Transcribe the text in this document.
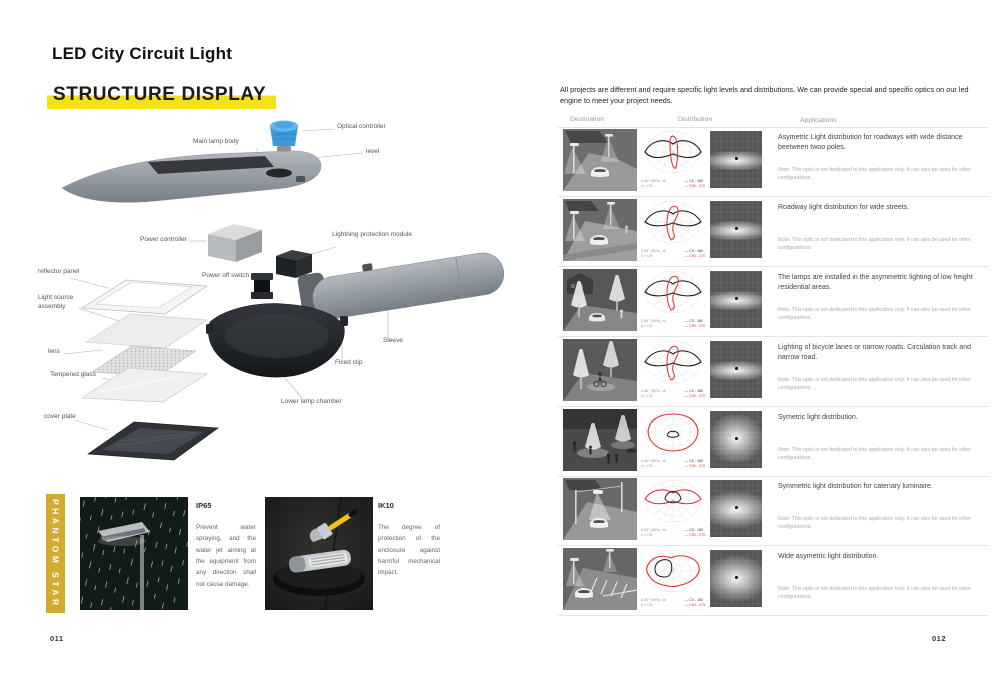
LED City Circuit Light
STRUCTURE DISPLAY
Optical controller
Main lamp body
level
Power controller
Lightning protection module
reflector panel
Power off switch
Light source assembly
lens
Tempered glass
Sleeve
Fixed clip
Lower lamp chamber
cover plate
PHANTOM STAR	IP65
Prevent water spraying, and the water jet aiming at the equipment from any direction shall not cause damage.
IK10
The degree of protection of the enclosure against harmful mechanical impact.
011
All projects are different and require specific light levels and distributions. We can provide special and specific optics on our led engine to meet your project needs.
Destination	Distribution	Applications
0-85° (85%), cd
η = CN
— C0 - 180
— C90 - 270
Asymetric Light distribution for roadways with wide distance beetween twoo poles.
Note: This optic is not dedicated to this application only. It can also be used for other configurations.
0-85° (85%), cd
η = CN
— C0 - 180
— C90 - 270
Roadway light distribution for wide streets.
Note: This optic is not dedicated to this application only. It can also be used for other configurations.
0-85° (85%), cd
η = CN
— C0 - 180
— C90 - 270
The lamps are installed in the asymmetric lighting of low height residential areas.
Note: This optic is not dedicated to this application only. It can also be used for other configurations.
0-85° (85%), cd
η = CN
— C0 - 180
— C90 - 270
Lighting of bicycle lanes or narrow roads. Circulation track and narrow road.
Note: This optic is not dedicated to this application only. It can also be used for other configurations.
0-85° (85%), cd
η = CN
— C0 - 180
— C90 - 270
Symetric light distribution.
Note: This optic is not dedicated to this application only. It can also be used for other configurations.
0-85° (85%), cd
η = CN
— C0 - 180
— C90 - 270
Symmetric light distribution for catenary luminaire.
Note: This optic is not dedicated to this application only. It can also be used for other configurations.
0-85° (85%), cd
η = CN
— C0 - 180
— C90 - 270
Wide asymetric light distribution.
Note: This optic is not dedicated to this application only. It can also be used for other configurations.
012
